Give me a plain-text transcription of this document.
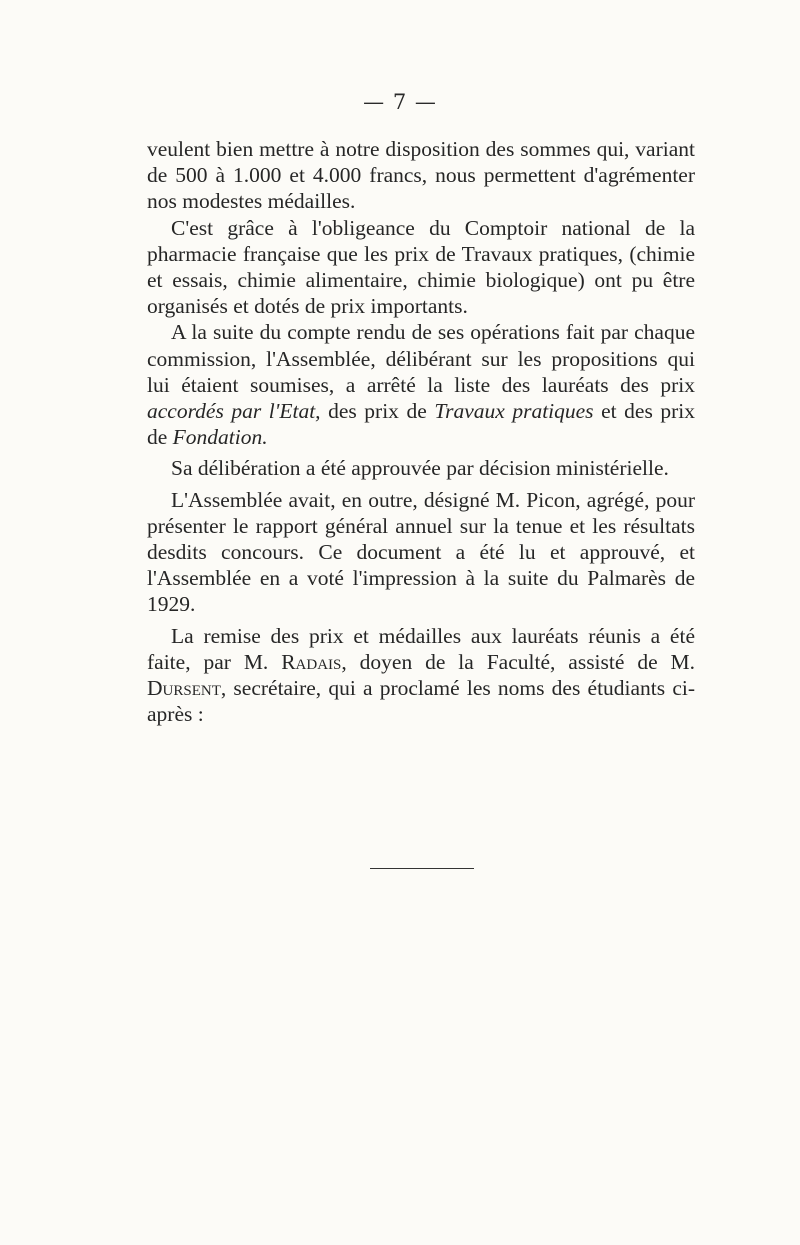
— 7 —

veulent bien mettre à notre disposition des sommes qui, variant de 500 à 1.000 et 4.000 francs, nous permettent d'agrémenter nos modestes médailles.

C'est grâce à l'obligeance du Comptoir national de la pharmacie française que les prix de Travaux pratiques, (chimie et essais, chimie alimentaire, chimie biologique) ont pu être organisés et dotés de prix importants.

A la suite du compte rendu de ses opérations fait par chaque commission, l'Assemblée, délibérant sur les propositions qui lui étaient soumises, a arrêté la liste des lauréats des prix accordés par l'Etat, des prix de Travaux pratiques et des prix de Fondation.

Sa délibération a été approuvée par décision ministérielle.

L'Assemblée avait, en outre, désigné M. Picon, agrégé, pour présenter le rapport général annuel sur la tenue et les résultats desdits concours. Ce document a été lu et approuvé, et l'Assemblée en a voté l'impression à la suite du Palmarès de 1929.

La remise des prix et médailles aux lauréats réunis a été faite, par M. Radais, doyen de la Faculté, assisté de M. Dursent, secrétaire, qui a proclamé les noms des étudiants ci-après :
